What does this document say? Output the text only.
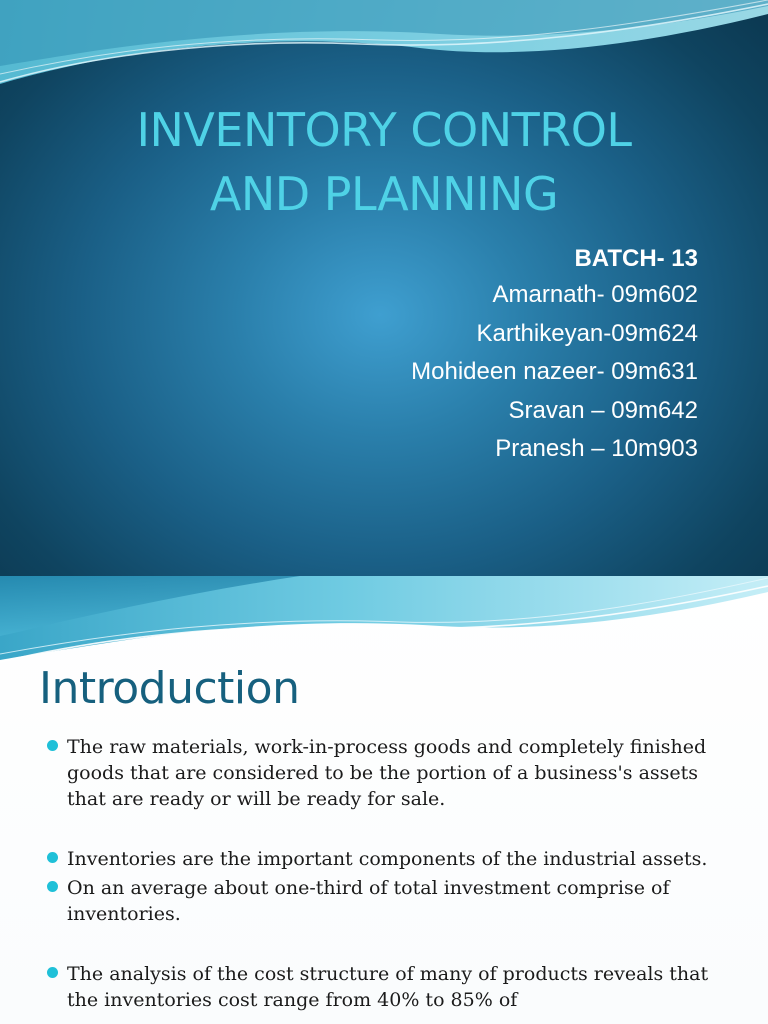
INVENTORY CONTROL
AND PLANNING
BATCH- 13
Amarnath- 09m602
Karthikeyan-09m624
Mohideen nazeer- 09m631
Sravan – 09m642
Pranesh – 10m903
Introduction
The raw materials, work-in-process goods and completely finished goods that are considered to be the portion of a business's assets that are ready or will be ready for sale.
Inventories are the important components of the industrial assets.
On an average about one-third of total investment comprise of inventories.
The analysis of the cost structure of many of products reveals that the inventories cost range from 40% to 85% of
